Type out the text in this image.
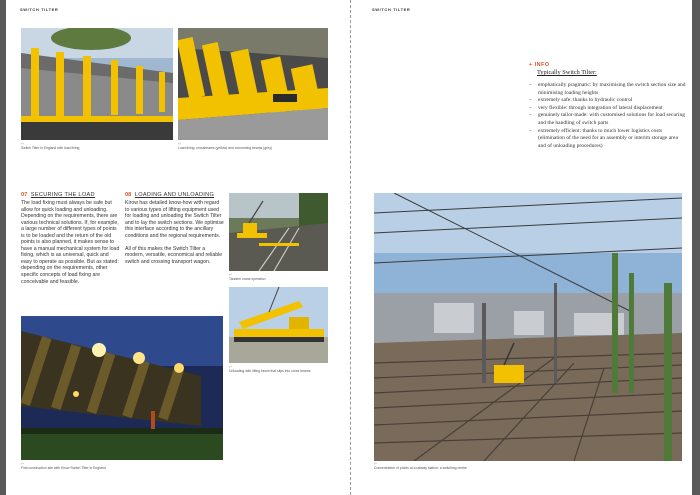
SWITCH TILTER
↵
Switch Tilter in England with load fixing
↵
Load fixing: crossbeams (yellow) and connecting beams (grey)
07 SECURING THE LOAD

The load fixing must always be safe but allow for quick loading and unloading. Depending on the requirements, there are various technical solutions. If, for example, a large number of different types of points is to be loaded and the return of the old points is also planned, it makes sense to have a manual mechanical system for load fixing, which is as universal, quick and easy to operate as possible. But as stated: depending on the requirements, other specific concepts of load fixing are conceivable and feasible.

08 LOADING AND UNLOADING

Kirow has detailed know-how with regard to various types of lifting equipment used for loading and unloading the Switch Tilter and to lay the switch sections. We optimise this interface according to the ancillary conditions and the regional requirements.

All of this makes the Switch Tilter a modern, versatile, economical and reliable switch and crossing transport wagon.

↵
Tandem crane operation
↵
Unloading with lifting beam that slips into cross beams
↵
First construction site with Kirow Switch Tilter in England
SWITCH TILTER
+ INFO
Typically Switch Tilter:
– emphatically pragmatic: by maximising the switch section size and minimising loading heights
– extremely safe: thanks to hydraulic control
– very flexible: through integration of lateral displacement
– genuinely tailor-made: with customised solutions for load securing and the handling of switch parts
– extremely efficient: thanks to much lower logistics costs (elimination of the need for an assembly or interim storage area and of unloading procedures)
↵
Concentration of points at a railway station: a switching centre
